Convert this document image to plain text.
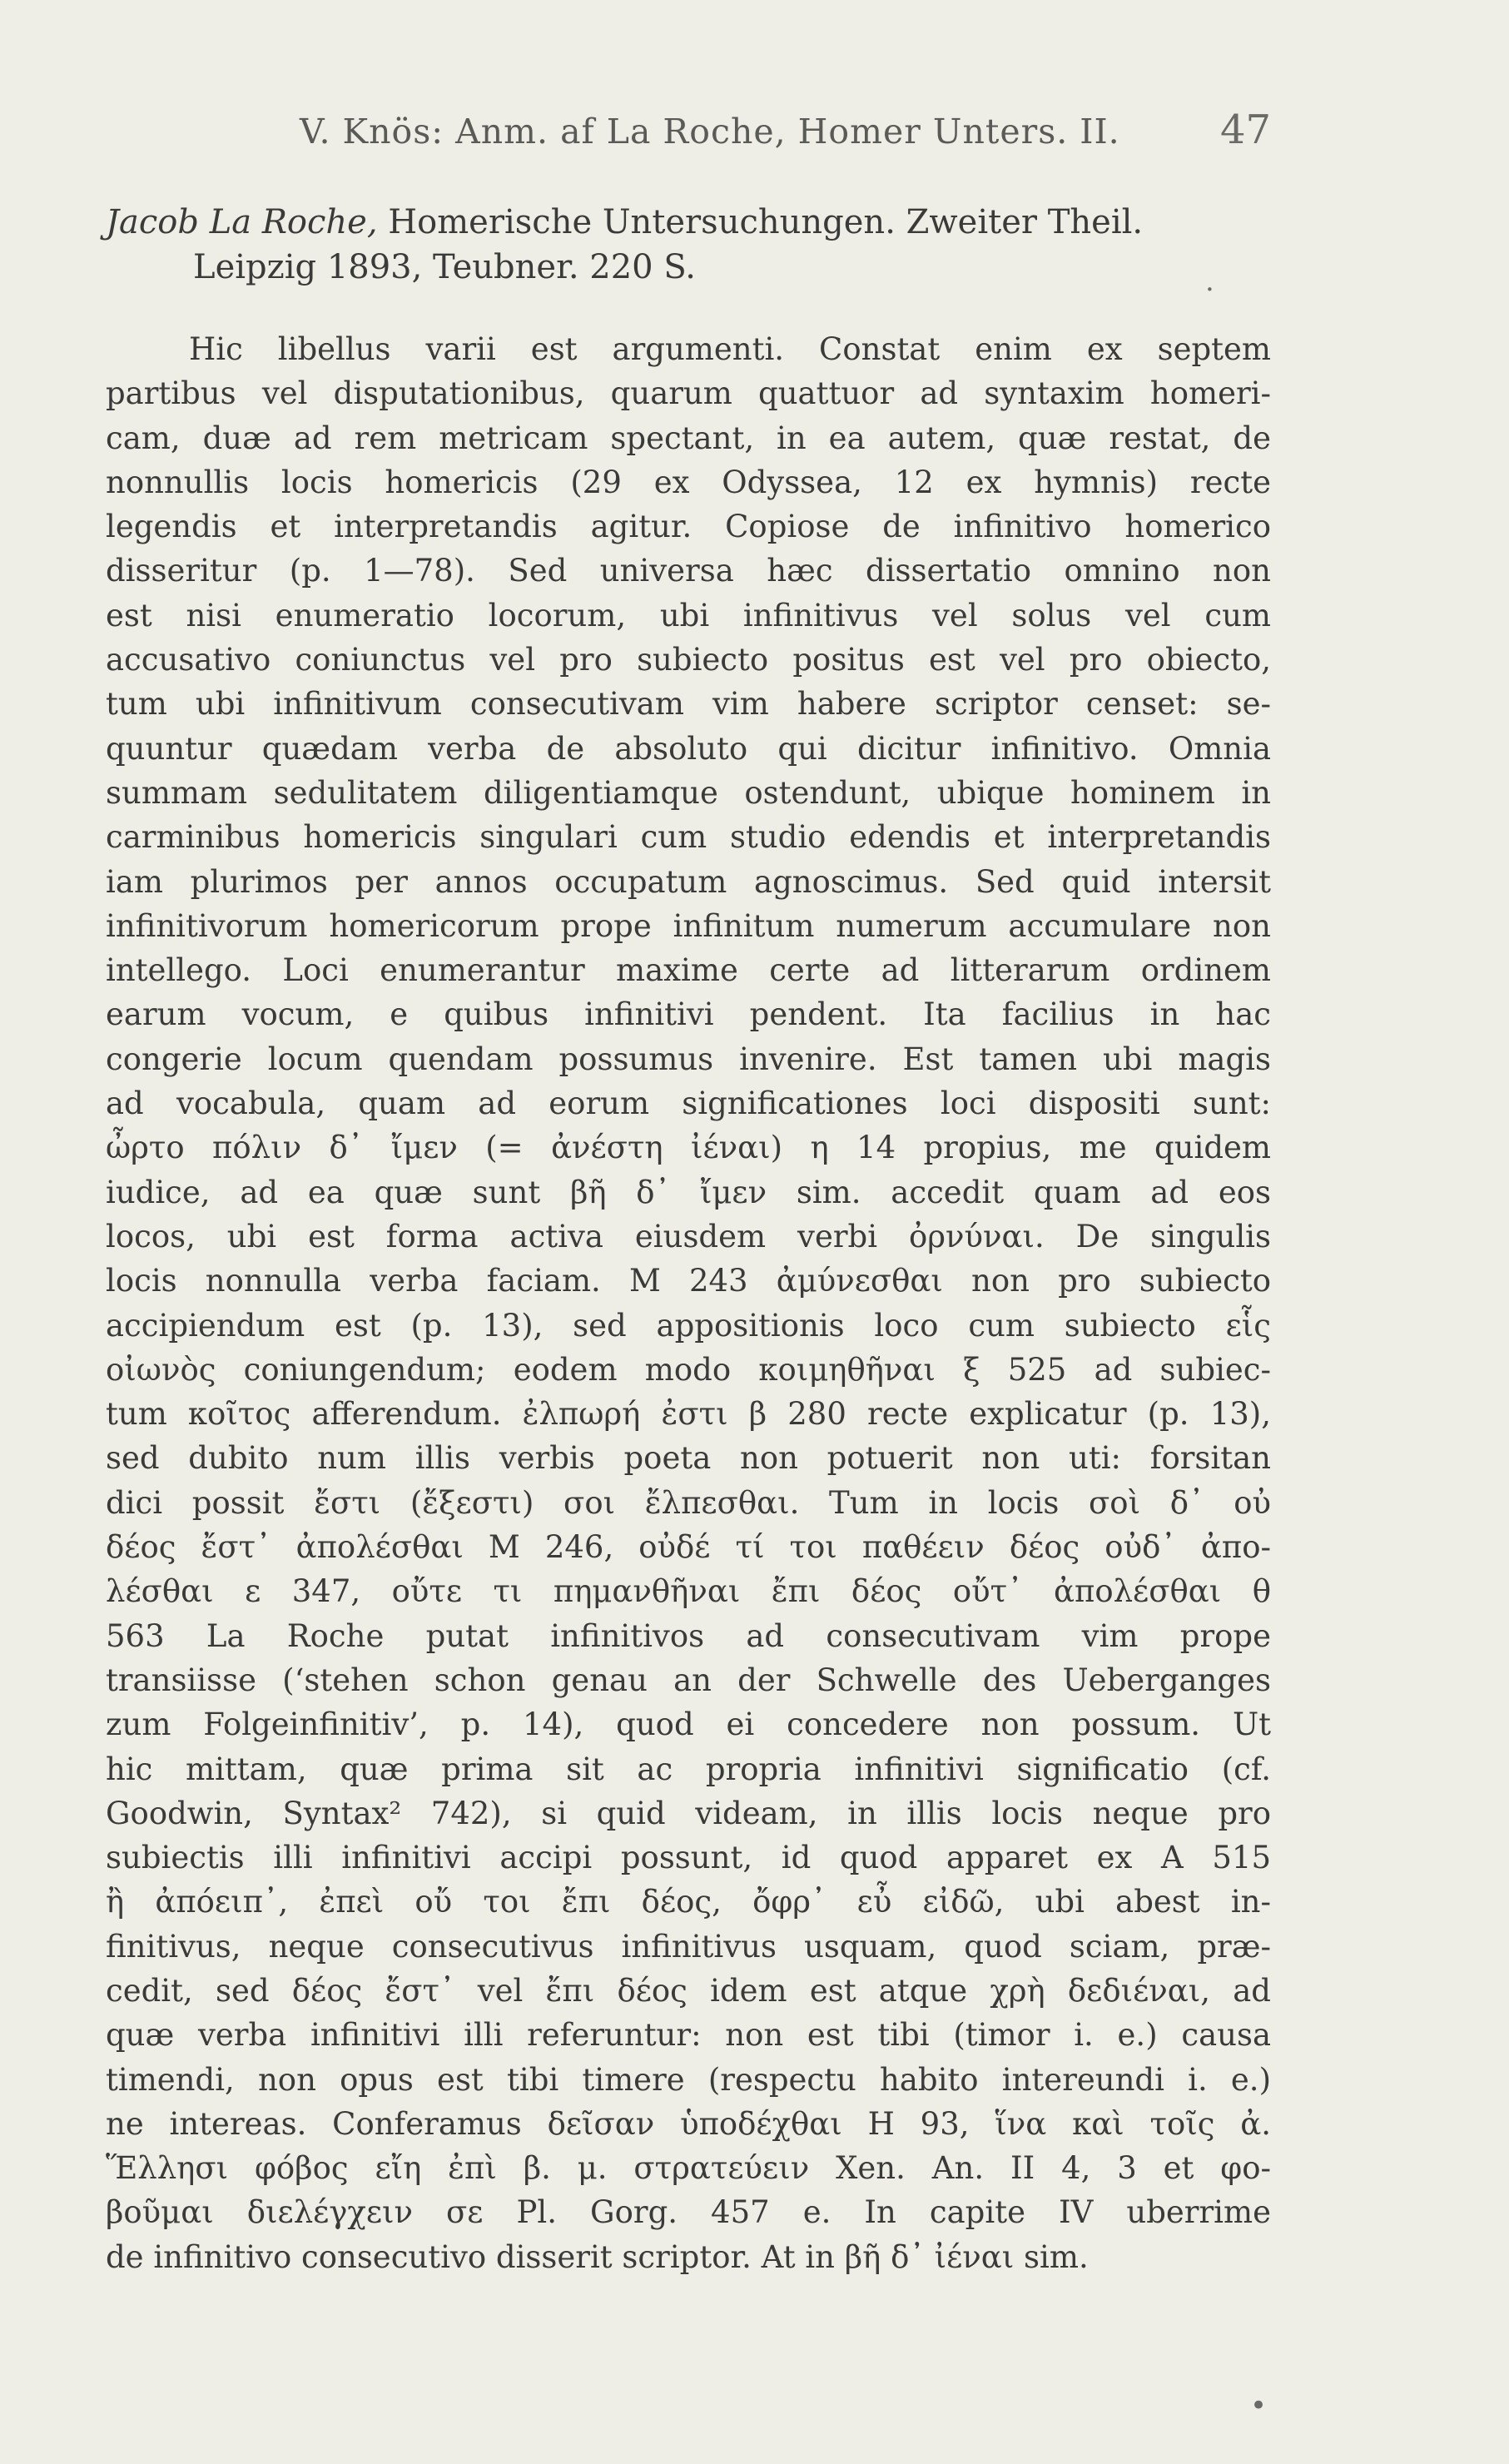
V. Knös: Anm. af La Roche, Homer Unters. II.	47
Jacob La Roche, Homerische Untersuchungen. Zweiter Theil.
Leipzig 1893, Teubner. 220 S.	.
•
Hic libellus varii est argumenti. Constat enim ex septem
partibus vel disputationibus, quarum quattuor ad syntaxim homeri-
cam, duæ ad rem metricam spectant, in ea autem, quæ restat, de
nonnullis locis homericis (29 ex Odyssea, 12 ex hymnis) recte
legendis et interpretandis agitur. Copiose de infinitivo homerico
disseritur (p. 1—78). Sed universa hæc dissertatio omnino non
est nisi enumeratio locorum, ubi infinitivus vel solus vel cum
accusativo coniunctus vel pro subiecto positus est vel pro obiecto,
tum ubi infinitivum consecutivam vim habere scriptor censet: se-
quuntur quædam verba de absoluto qui dicitur infinitivo. Omnia
summam sedulitatem diligentiamque ostendunt, ubique hominem in
carminibus homericis singulari cum studio edendis et interpretandis
iam plurimos per annos occupatum agnoscimus. Sed quid intersit
infinitivorum homericorum prope infinitum numerum accumulare non
intellego. Loci enumerantur maxime certe ad litterarum ordinem
earum vocum, e quibus infinitivi pendent. Ita facilius in hac
congerie locum quendam possumus invenire. Est tamen ubi magis
ad vocabula, quam ad eorum significationes loci dispositi sunt:
ὦρτο πόλιν δ᾽ ἴμεν (= ἀνέστη ἰέναι) η 14 propius, me quidem
iudice, ad ea quæ sunt βῆ δ᾽ ἴμεν sim. accedit quam ad eos
locos, ubi est forma activa eiusdem verbi ὀρνύναι. De singulis
locis nonnulla verba faciam. Μ 243 ἀμύνεσθαι non pro subiecto
accipiendum est (p. 13), sed appositionis loco cum subiecto εἷς
οἰωνὸς coniungendum; eodem modo κοιμηθῆναι ξ 525 ad subiec-
tum κοῖτος afferendum. ἐλπωρή ἐστι β 280 recte explicatur (p. 13),
sed dubito num illis verbis poeta non potuerit non uti: forsitan
dici possit ἔστι (ἔξεστι) σοι ἔλπεσθαι. Tum in locis σοὶ δ᾽ οὐ
δέος ἔστ᾽ ἀπολέσθαι Μ 246, οὐδέ τί τοι παθέειν δέος οὐδ᾽ ἀπο-
λέσθαι ε 347, οὔτε τι πημανθῆναι ἔπι δέος οὔτ᾽ ἀπολέσθαι θ
563 La Roche putat infinitivos ad consecutivam vim prope
transiisse (‘stehen schon genau an der Schwelle des Ueberganges
zum Folgeinfinitiv’, p. 14), quod ei concedere non possum. Ut
hic mittam, quæ prima sit ac propria infinitivi significatio (cf.
Goodwin, Syntax² 742), si quid videam, in illis locis neque pro
subiectis illi infinitivi accipi possunt, id quod apparet ex Α 515
ἢ ἀπόειπ᾽, ἐπεὶ οὔ τοι ἔπι δέος, ὄφρ᾽ εὖ εἰδῶ, ubi abest in-
finitivus, neque consecutivus infinitivus usquam, quod sciam, præ-
cedit, sed δέος ἔστ᾽ vel ἔπι δέος idem est atque χρὴ δεδιέναι, ad
quæ verba infinitivi illi referuntur: non est tibi (timor i. e.) causa
timendi, non opus est tibi timere (respectu habito intereundi i. e.)
ne intereas. Conferamus δεῖσαν ὑποδέχθαι Η 93, ἵνα καὶ τοῖς ἀ.
Ἕλλησι φόβος εἴη ἐπὶ β. μ. στρατεύειν Xen. An. II 4, 3 et φο-
βοῦμαι διελέγχειν σε Pl. Gorg. 457 e. In capite IV uberrime
de infinitivo consecutivo disserit scriptor. At in βῆ δ᾽ ἰέναι sim.
